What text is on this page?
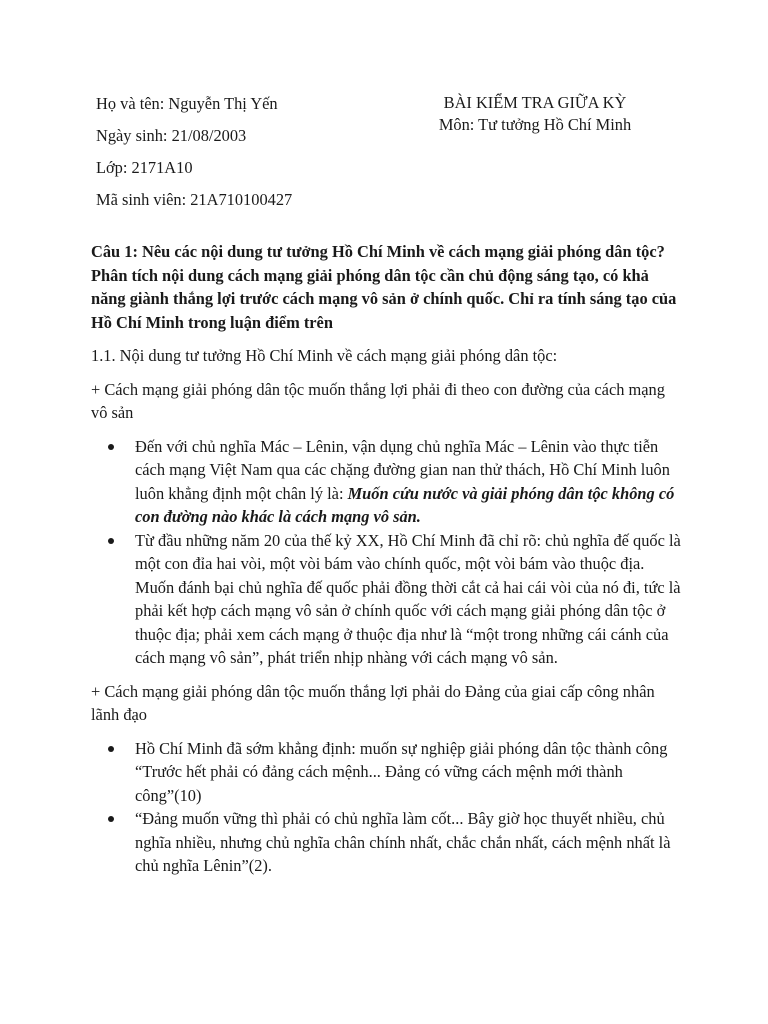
Họ và tên: Nguyễn Thị Yến
Ngày sinh: 21/08/2003
Lớp: 2171A10
Mã sinh viên: 21A710100427
BÀI KIỂM TRA GIỮA KỲ
Môn: Tư tưởng Hồ Chí Minh
Câu 1: Nêu các nội dung tư tưởng Hồ Chí Minh về cách mạng giải phóng dân tộc? Phân tích nội dung cách mạng giải phóng dân tộc cần chủ động sáng tạo, có khả năng giành thắng lợi trước cách mạng vô sản ở chính quốc. Chỉ ra tính sáng tạo của Hồ Chí Minh trong luận điểm trên

1.1. Nội dung tư tưởng Hồ Chí Minh về cách mạng giải phóng dân tộc:

+ Cách mạng giải phóng dân tộc muốn thắng lợi phải đi theo con đường của cách mạng vô sản

Đến với chủ nghĩa Mác – Lênin, vận dụng chủ nghĩa Mác – Lênin vào thực tiễn cách mạng Việt Nam qua các chặng đường gian nan thử thách, Hồ Chí Minh luôn luôn khẳng định một chân lý là: Muốn cứu nước và giải phóng dân tộc không có con đường nào khác là cách mạng vô sản.
Từ đầu những năm 20 của thế kỷ XX, Hồ Chí Minh đã chỉ rõ: chủ nghĩa đế quốc là một con đỉa hai vòi, một vòi bám vào chính quốc, một vòi bám vào thuộc địa. Muốn đánh bại chủ nghĩa đế quốc phải đồng thời cắt cả hai cái vòi của nó đi, tức là phải kết hợp cách mạng vô sản ở chính quốc với cách mạng giải phóng dân tộc ở thuộc địa; phải xem cách mạng ở thuộc địa như là “một trong những cái cánh của cách mạng vô sản”, phát triển nhịp nhàng với cách mạng vô sản.

+ Cách mạng giải phóng dân tộc muốn thắng lợi phải do Đảng của giai cấp công nhân lãnh đạo

Hồ Chí Minh đã sớm khẳng định: muốn sự nghiệp giải phóng dân tộc thành công “Trước hết phải có đảng cách mệnh... Đảng có vững cách mệnh mới thành công”(10)
“Đảng muốn vững thì phải có chủ nghĩa làm cốt... Bây giờ học thuyết nhiều, chủ nghĩa nhiều, nhưng chủ nghĩa chân chính nhất, chắc chắn nhất, cách mệnh nhất là chủ nghĩa Lênin”(2).
